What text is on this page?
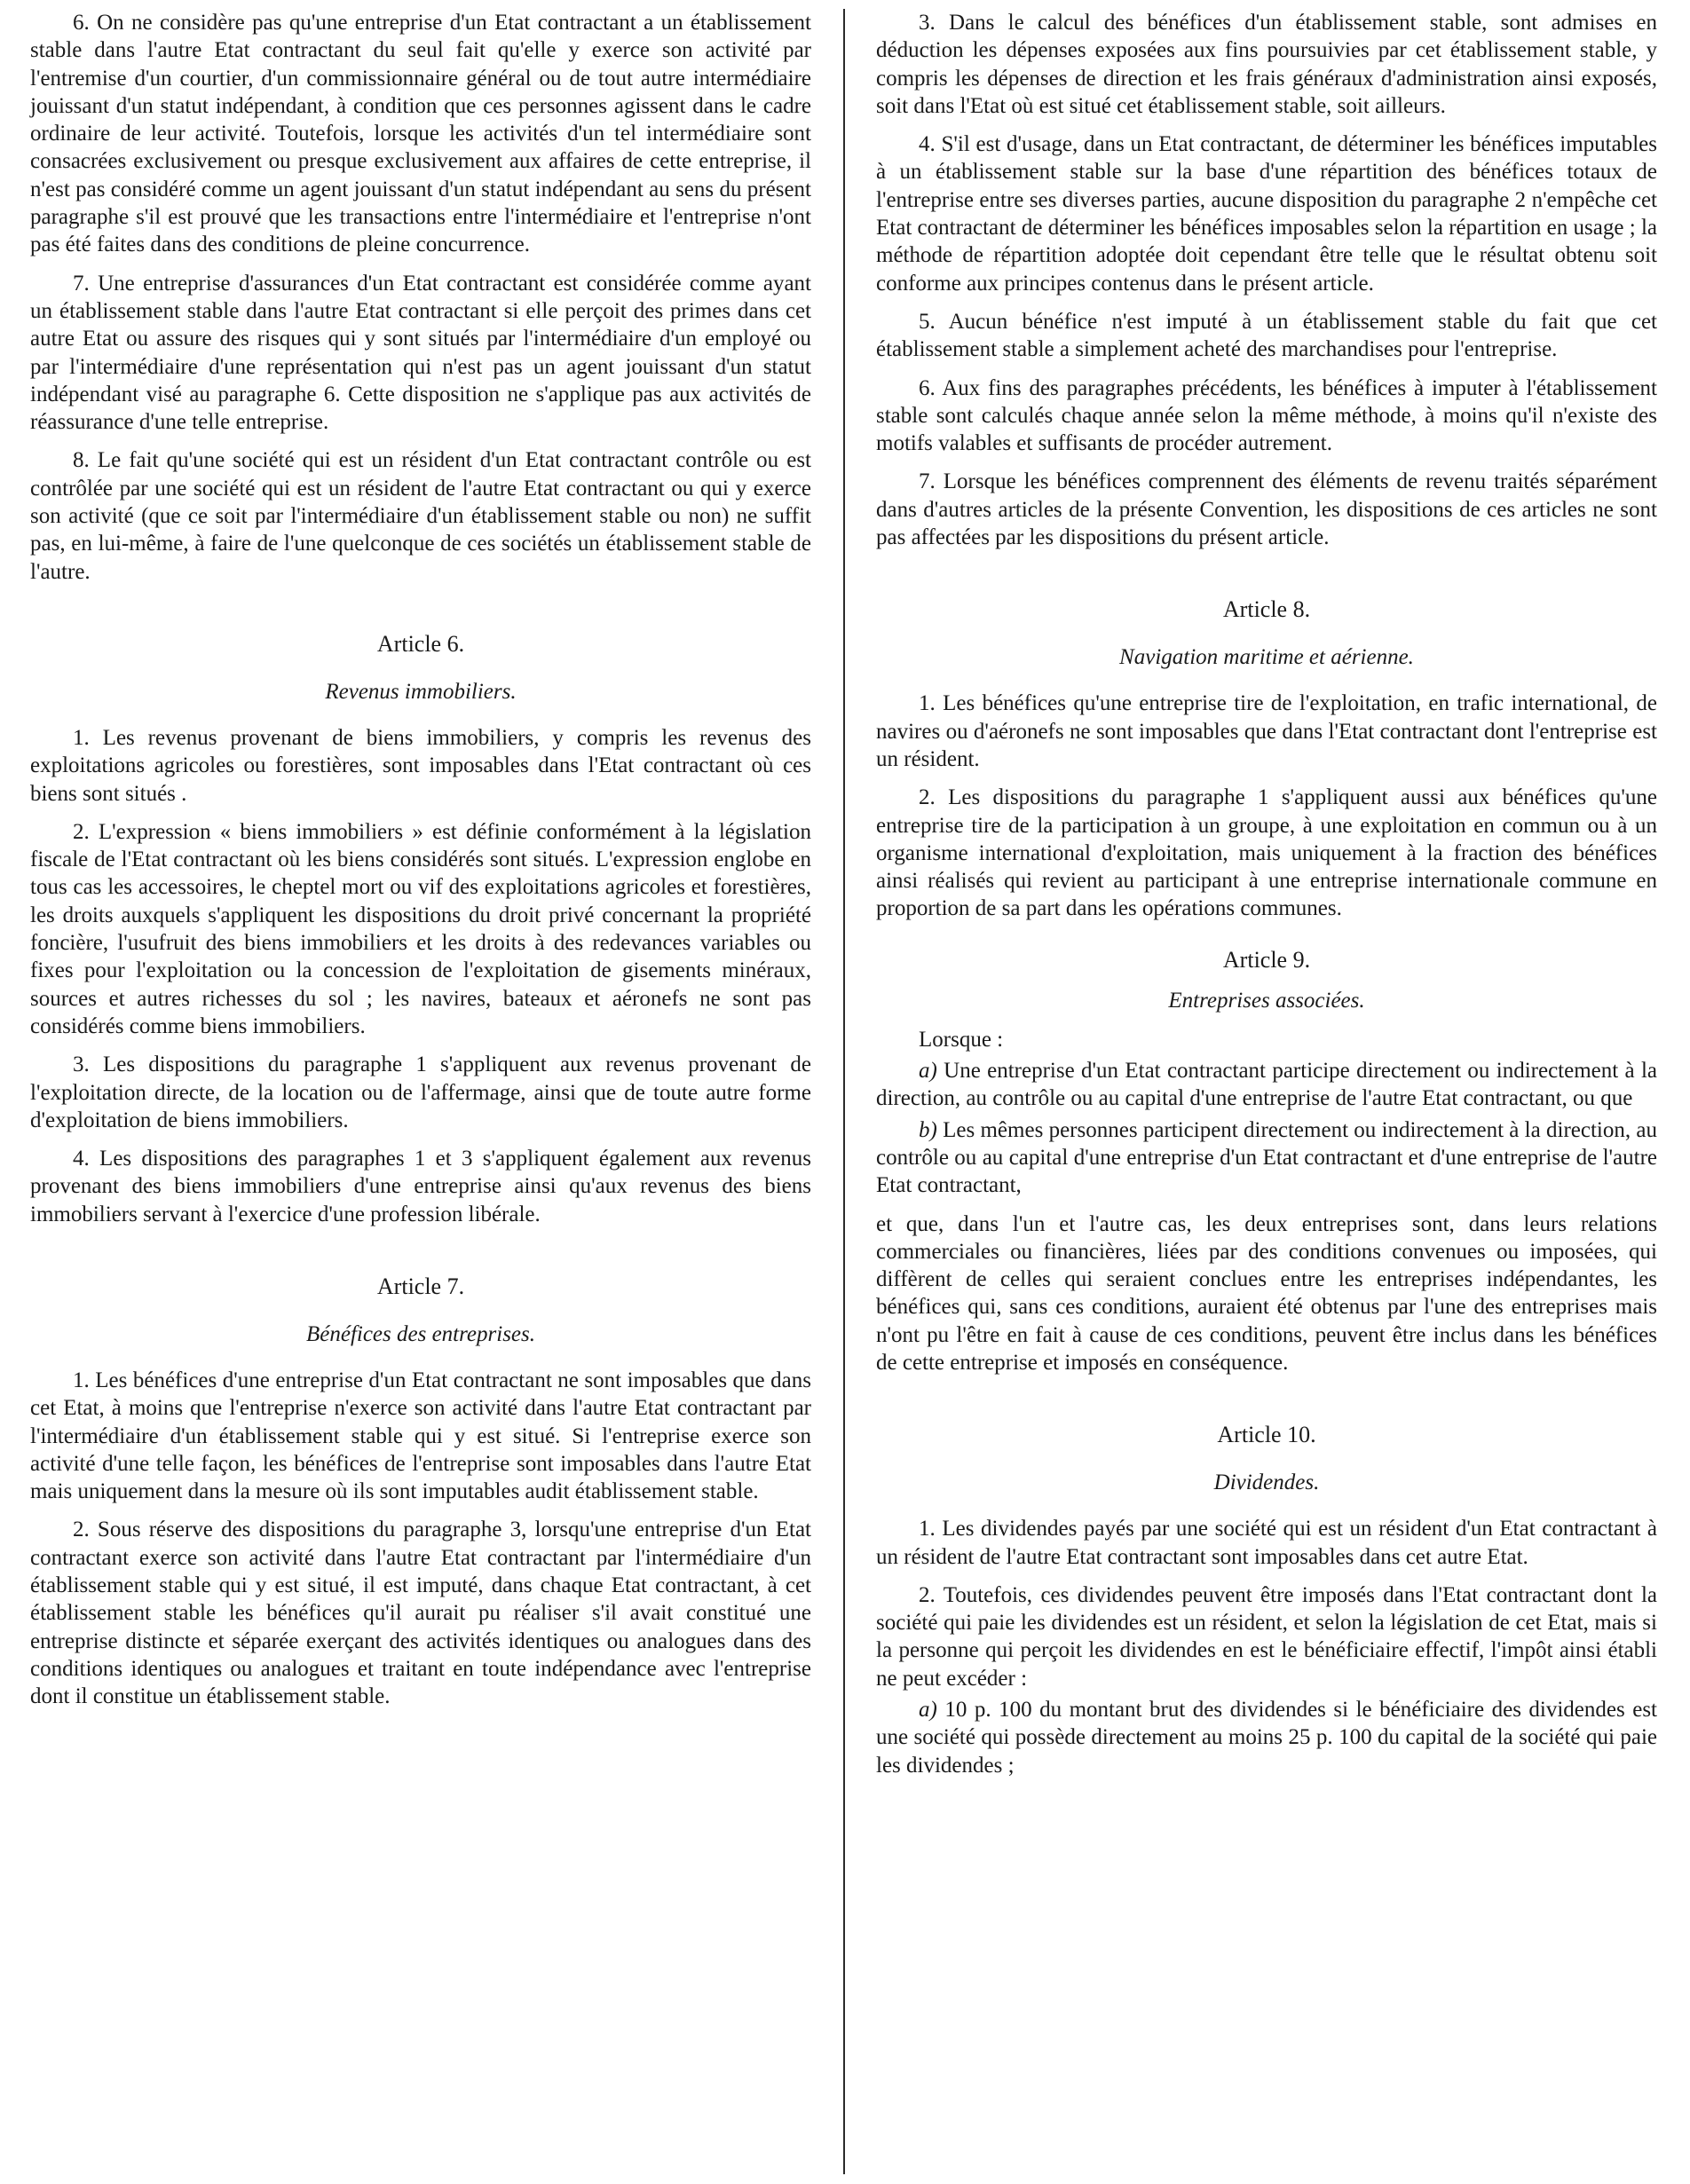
6. On ne considère pas qu'une entreprise d'un Etat contractant a un établissement stable dans l'autre Etat contractant du seul fait qu'elle y exerce son activité par l'entremise d'un courtier, d'un commissionnaire général ou de tout autre intermédiaire jouissant d'un statut indépendant, à condition que ces personnes agissent dans le cadre ordinaire de leur activité. Toutefois, lorsque les activités d'un tel intermédiaire sont consacrées exclusivement ou presque exclusivement aux affaires de cette entreprise, il n'est pas considéré comme un agent jouissant d'un statut indépendant au sens du présent paragraphe s'il est prouvé que les transactions entre l'intermédiaire et l'entreprise n'ont pas été faites dans des conditions de pleine concurrence.

7. Une entreprise d'assurances d'un Etat contractant est considérée comme ayant un établissement stable dans l'autre Etat contractant si elle perçoit des primes dans cet autre Etat ou assure des risques qui y sont situés par l'intermédiaire d'un employé ou par l'intermédiaire d'une représentation qui n'est pas un agent jouissant d'un statut indépendant visé au paragraphe 6. Cette disposition ne s'applique pas aux activités de réassurance d'une telle entreprise.

8. Le fait qu'une société qui est un résident d'un Etat contractant contrôle ou est contrôlée par une société qui est un résident de l'autre Etat contractant ou qui y exerce son activité (que ce soit par l'intermédiaire d'un établissement stable ou non) ne suffit pas, en lui-même, à faire de l'une quelconque de ces sociétés un établissement stable de l'autre.

Article 6.
Revenus immobiliers.

1. Les revenus provenant de biens immobiliers, y compris les revenus des exploitations agricoles ou forestières, sont imposables dans l'Etat contractant où ces biens sont situés .

2. L'expression « biens immobiliers » est définie conformément à la législation fiscale de l'Etat contractant où les biens considérés sont situés. L'expression englobe en tous cas les accessoires, le cheptel mort ou vif des exploitations agricoles et forestières, les droits auxquels s'appliquent les dispositions du droit privé concernant la propriété foncière, l'usufruit des biens immobiliers et les droits à des redevances variables ou fixes pour l'exploitation ou la concession de l'exploitation de gisements minéraux, sources et autres richesses du sol ; les navires, bateaux et aéronefs ne sont pas considérés comme biens immobiliers.

3. Les dispositions du paragraphe 1 s'appliquent aux revenus provenant de l'exploitation directe, de la location ou de l'affermage, ainsi que de toute autre forme d'exploitation de biens immobiliers.

4. Les dispositions des paragraphes 1 et 3 s'appliquent également aux revenus provenant des biens immobiliers d'une entreprise ainsi qu'aux revenus des biens immobiliers servant à l'exercice d'une profession libérale.

Article 7.
Bénéfices des entreprises.

1. Les bénéfices d'une entreprise d'un Etat contractant ne sont imposables que dans cet Etat, à moins que l'entreprise n'exerce son activité dans l'autre Etat contractant par l'intermédiaire d'un établissement stable qui y est situé. Si l'entreprise exerce son activité d'une telle façon, les bénéfices de l'entreprise sont imposables dans l'autre Etat mais uniquement dans la mesure où ils sont imputables audit établissement stable.

2. Sous réserve des dispositions du paragraphe 3, lorsqu'une entreprise d'un Etat contractant exerce son activité dans l'autre Etat contractant par l'intermédiaire d'un établissement stable qui y est situé, il est imputé, dans chaque Etat contractant, à cet établissement stable les bénéfices qu'il aurait pu réaliser s'il avait constitué une entreprise distincte et séparée exerçant des activités identiques ou analogues dans des conditions identiques ou analogues et traitant en toute indépendance avec l'entreprise dont il constitue un établissement stable.

3. Dans le calcul des bénéfices d'un établissement stable, sont admises en déduction les dépenses exposées aux fins poursuivies par cet établissement stable, y compris les dépenses de direction et les frais généraux d'administration ainsi exposés, soit dans l'Etat où est situé cet établissement stable, soit ailleurs.

4. S'il est d'usage, dans un Etat contractant, de déterminer les bénéfices imputables à un établissement stable sur la base d'une répartition des bénéfices totaux de l'entreprise entre ses diverses parties, aucune disposition du paragraphe 2 n'empêche cet Etat contractant de déterminer les bénéfices imposables selon la répartition en usage ; la méthode de répartition adoptée doit cependant être telle que le résultat obtenu soit conforme aux principes contenus dans le présent article.

5. Aucun bénéfice n'est imputé à un établissement stable du fait que cet établissement stable a simplement acheté des marchandises pour l'entreprise.

6. Aux fins des paragraphes précédents, les bénéfices à imputer à l'établissement stable sont calculés chaque année selon la même méthode, à moins qu'il n'existe des motifs valables et suffisants de procéder autrement.

7. Lorsque les bénéfices comprennent des éléments de revenu traités séparément dans d'autres articles de la présente Convention, les dispositions de ces articles ne sont pas affectées par les dispositions du présent article.

Article 8.
Navigation maritime et aérienne.

1. Les bénéfices qu'une entreprise tire de l'exploitation, en trafic international, de navires ou d'aéronefs ne sont imposables que dans l'Etat contractant dont l'entreprise est un résident.

2. Les dispositions du paragraphe 1 s'appliquent aussi aux bénéfices qu'une entreprise tire de la participation à un groupe, à une exploitation en commun ou à un organisme international d'exploitation, mais uniquement à la fraction des bénéfices ainsi réalisés qui revient au participant à une entreprise internationale commune en proportion de sa part dans les opérations communes.

Article 9.
Entreprises associées.

Lorsque :

a) Une entreprise d'un Etat contractant participe directement ou indirectement à la direction, au contrôle ou au capital d'une entreprise de l'autre Etat contractant, ou que

b) Les mêmes personnes participent directement ou indirectement à la direction, au contrôle ou au capital d'une entreprise d'un Etat contractant et d'une entreprise de l'autre Etat contractant,

et que, dans l'un et l'autre cas, les deux entreprises sont, dans leurs relations commerciales ou financières, liées par des conditions convenues ou imposées, qui diffèrent de celles qui seraient conclues entre les entreprises indépendantes, les bénéfices qui, sans ces conditions, auraient été obtenus par l'une des entreprises mais n'ont pu l'être en fait à cause de ces conditions, peuvent être inclus dans les bénéfices de cette entreprise et imposés en conséquence.

Article 10.
Dividendes.

1. Les dividendes payés par une société qui est un résident d'un Etat contractant à un résident de l'autre Etat contractant sont imposables dans cet autre Etat.

2. Toutefois, ces dividendes peuvent être imposés dans l'Etat contractant dont la société qui paie les dividendes est un résident, et selon la législation de cet Etat, mais si la personne qui perçoit les dividendes en est le bénéficiaire effectif, l'impôt ainsi établi ne peut excéder :

a) 10 p. 100 du montant brut des dividendes si le bénéficiaire des dividendes est une société qui possède directement au moins 25 p. 100 du capital de la société qui paie les dividendes ;
